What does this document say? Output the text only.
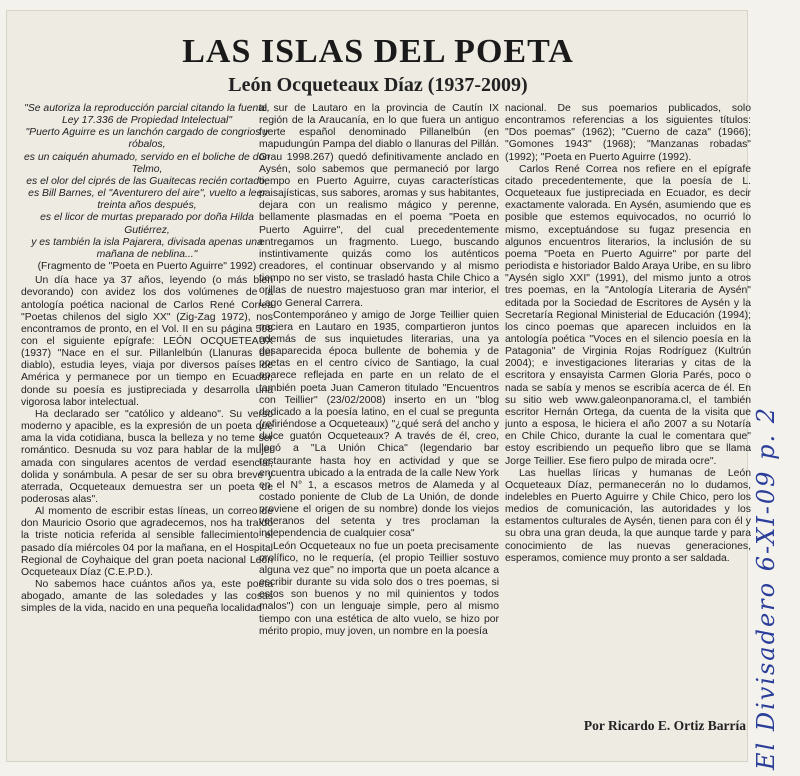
LAS ISLAS DEL POETA
León Ocqueteaux Díaz (1937-2009)

"Se autoriza la reproducción parcial citando la fuente, Ley 17.336 de Propiedad Intelectual"

"Puerto Aguirre es un lanchón cargado de congrios y róbalos,

es un caiquén ahumado, servido en el boliche de don Telmo,

es el olor del ciprés de las Guaitecas recién cortado,

es Bill Barnes, el "Aventurero del aire", vuelto a leer treinta años después,

es el licor de murtas preparado por doña Hilda Gutiérrez,

y es también la isla Pajarera, divisada apenas una mañana de neblina..."

(Fragmento de "Poeta en Puerto Aguirre" 1992)

Un día hace ya 37 años, leyendo (o más bien devorando) con avidez los dos volúmenes de la antología poética nacional de Carlos René Correa "Poetas chilenos del siglo XX" (Zig-Zag 1972), nos encontramos de pronto, en el Vol. II en su página 508 con el siguiente epígrafe: LEÓN OCQUETEAUX (1937) "Nace en el sur. Pillanlelbún (Llanuras del diablo), estudia leyes, viaja por diversos países de América y permanece por un tiempo en Ecuador, donde su poesía es justipreciada y desarrolla una vigorosa labor intelectual.

Ha declarado ser "católico y aldeano". Su verso moderno y apacible, es la expresión de un poeta que ama la vida cotidiana, busca la belleza y no teme ser romántico. Desnuda su voz para hablar de la mujer amada con singulares acentos de verdad esencial, dolida y sonámbula. A pesar de ser su obra breve y aterrada, Ocqueteaux demuestra ser un poeta de poderosas alas".

Al momento de escribir estas líneas, un correo de don Mauricio Osorio que agradecemos, nos ha traído la triste noticia referida al sensible fallecimiento el pasado día miércoles 04 por la mañana, en el Hospital Regional de Coyhaique del gran poeta nacional León Ocqueteaux Díaz (C.E.P.D.).

No sabemos hace cuántos años ya, este poeta abogado, amante de las soledades y las cosas simples de la vida, nacido en una pequeña localidad

al sur de Lautaro en la provincia de Cautín IX región de la Araucanía, en lo que fuera un antiguo fuerte español denominado Pillanelbún (en mapudungún Pampa del diablo o llanuras del Pillán. Grau 1998.267) quedó definitivamente anclado en Aysén, solo sabemos que permaneció por largo tiempo en Puerto Aguirre, cuyas características paisajísticas, sus sabores, aromas y sus habitantes, dejara con un realismo mágico y perenne, bellamente plasmadas en el poema "Poeta en Puerto Aguirre", del cual precedentemente entregamos un fragmento. Luego, buscando instintivamente quizás como los auténticos creadores, el continuar observando y al mismo tiempo no ser visto, se trasladó hasta Chile Chico a orillas de nuestro majestuoso gran mar interior, el Lago General Carrera.

Contemporáneo y amigo de Jorge Teillier quien naciera en Lautaro en 1935, compartieron juntos además de sus inquietudes literarias, una ya desaparecida época bullente de bohemia y de poetas en el centro cívico de Santiago, la cual aparece reflejada en parte en un relato de el también poeta Juan Cameron titulado "Encuentros con Teillier" (23/02/2008) inserto en un "blog dedicado a la poesía latino, en el cual se pregunta (refiriéndose a Ocqueteaux) "¿qué será del ancho y dulce guatón Ocqueteaux? A través de él, creo, llegó a "La Unión Chica" (legendario bar restaurante hasta hoy en actividad y que se encuentra ubicado a la entrada de la calle New York en el N° 1, a escasos metros de Alameda y al costado poniente de Club de La Unión, de donde proviene el origen de su nombre) donde los viejos veteranos del setenta y tres proclaman la independencia de cualquier cosa"

León Ocqueteaux no fue un poeta precisamente prolífico, no le requería, (el propio Teillier sostuvo alguna vez que" no importa que un poeta alcance a escribir durante su vida solo dos o tres poemas, si estos son buenos y no mil quinientos y todos malos") con un lenguaje simple, pero al mismo tiempo con una estética de alto vuelo, se hizo por mérito propio, muy joven, un nombre en la poesía

nacional. De sus poemarios publicados, solo encontramos referencias a los siguientes títulos: "Dos poemas" (1962); "Cuerno de caza" (1966); "Gomones 1943" (1968); "Manzanas robadas" (1992); "Poeta en Puerto Aguirre (1992).

Carlos René Correa nos refiere en el epígrafe citado precedentemente, que la poesía de L. Ocqueteaux fue justipreciada en Ecuador, es decir exactamente valorada. En Aysén, asumiendo que es posible que estemos equivocados, no ocurrió lo mismo, exceptuándose su fugaz presencia en algunos encuentros literarios, la inclusión de su poema "Poeta en Puerto Aguirre" por parte del periodista e historiador Baldo Araya Uribe, en su libro "Aysén siglo XXI" (1991), del mismo junto a otros tres poemas, en la "Antología Literaria de Aysén" editada por la Sociedad de Escritores de Aysén y la Secretaría Regional Ministerial de Educación (1994); los cinco poemas que aparecen incluidos en la antología poética "Voces en el silencio poesía en la Patagonia" de Virginia Rojas Rodríguez (Kultrún 2004); e investigaciones literarias y citas de la escritora y ensayista Carmen Gloria Parés, poco o nada se sabía y menos se escribía acerca de él. En su sitio web www.galeonpanorama.cl, el también escritor Hernán Ortega, da cuenta de la visita que junto a esposa, le hiciera el año 2007 a su Notaría en Chile Chico, durante la cual le comentara que" estoy escribiendo un pequeño libro que se llama Jorge Teillier. Ese fiero pulpo de mirada ocre".

Las huellas líricas y humanas de León Ocqueteaux Díaz, permanecerán no lo dudamos, indelebles en Puerto Aguirre y Chile Chico, pero los medios de comunicación, las autoridades y los estamentos culturales de Aysén, tienen para con él y su obra una gran deuda, la que aunque tarde y para conocimiento de las nuevas generaciones, esperamos, comience muy pronto a ser saldada.

Por Ricardo E. Ortiz Barría El Divisadero 6-XI-09 p. 2
